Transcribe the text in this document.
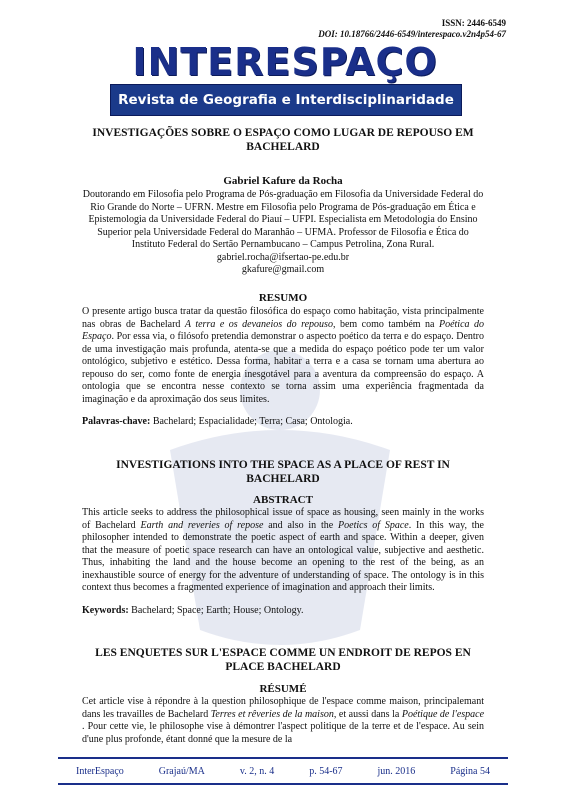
ISSN: 2446-6549
DOI: 10.18766/2446-6549/interespaco.v2n4p54-67
INTERESPAÇO
Revista de Geografia e Interdisciplinaridade
INVESTIGAÇÕES SOBRE O ESPAÇO COMO LUGAR DE REPOUSO EM BACHELARD
Gabriel Kafure da Rocha
Doutorando em Filosofia pelo Programa de Pós-graduação em Filosofia da Universidade Federal do Rio Grande do Norte – UFRN. Mestre em Filosofia pelo Programa de Pós-graduação em Ética e Epistemologia da Universidade Federal do Piauí – UFPI. Especialista em Metodologia do Ensino Superior pela Universidade Federal do Maranhão – UFMA. Professor de Filosofia e Ética do Instituto Federal do Sertão Pernambucano – Campus Petrolina, Zona Rural.
gabriel.rocha@ifsertao-pe.edu.br
gkafure@gmail.com
RESUMO
O presente artigo busca tratar da questão filosófica do espaço como habitação, vista principalmente nas obras de Bachelard A terra e os devaneios do repouso, bem como também na Poética do Espaço. Por essa via, o filósofo pretendia demonstrar o aspecto poético da terra e do espaço. Dentro de uma investigação mais profunda, atenta-se que a medida do espaço poético pode ter um valor ontológico, subjetivo e estético. Dessa forma, habitar a terra e a casa se tornam uma abertura ao repouso do ser, como fonte de energia inesgotável para a aventura da compreensão do espaço. A ontologia que se encontra nesse contexto se torna assim uma experiência fragmentada da imaginação e da aproximação dos seus limites.
Palavras-chave: Bachelard; Espacialidade; Terra; Casa; Ontologia.
INVESTIGATIONS INTO THE SPACE AS A PLACE OF REST IN BACHELARD
ABSTRACT
This article seeks to address the philosophical issue of space as housing, seen mainly in the works of Bachelard Earth and reveries of repose and also in the Poetics of Space. In this way, the philosopher intended to demonstrate the poetic aspect of earth and space. Within a deeper, given that the measure of poetic space research can have an ontological value, subjective and aesthetic. Thus, inhabiting the land and the house become an opening to the rest of the being, as an inexhaustible source of energy for the adventure of understanding of space. The ontology is in this context thus becomes a fragmented experience of imagination and approach their limits.
Keywords: Bachelard; Space; Earth; House; Ontology.
LES ENQUETES SUR L'ESPACE COMME UN ENDROIT DE REPOS EN PLACE BACHELARD
RÉSUMÉ
Cet article vise à répondre à la question philosophique de l'espace comme maison, principalemant dans les travailles de Bachelard Terres et rêveries de la maison, et aussi dans la Poétique de l'espace . Pour cette vie, le philosophe vise à démontrer l'aspect politique de la terre et de l'espace. Au sein d'une plus profonde, étant donné que la mesure de la
InterEspaço	Grajaú/MA	v. 2, n. 4	p. 54-67	jun. 2016	Página 54
